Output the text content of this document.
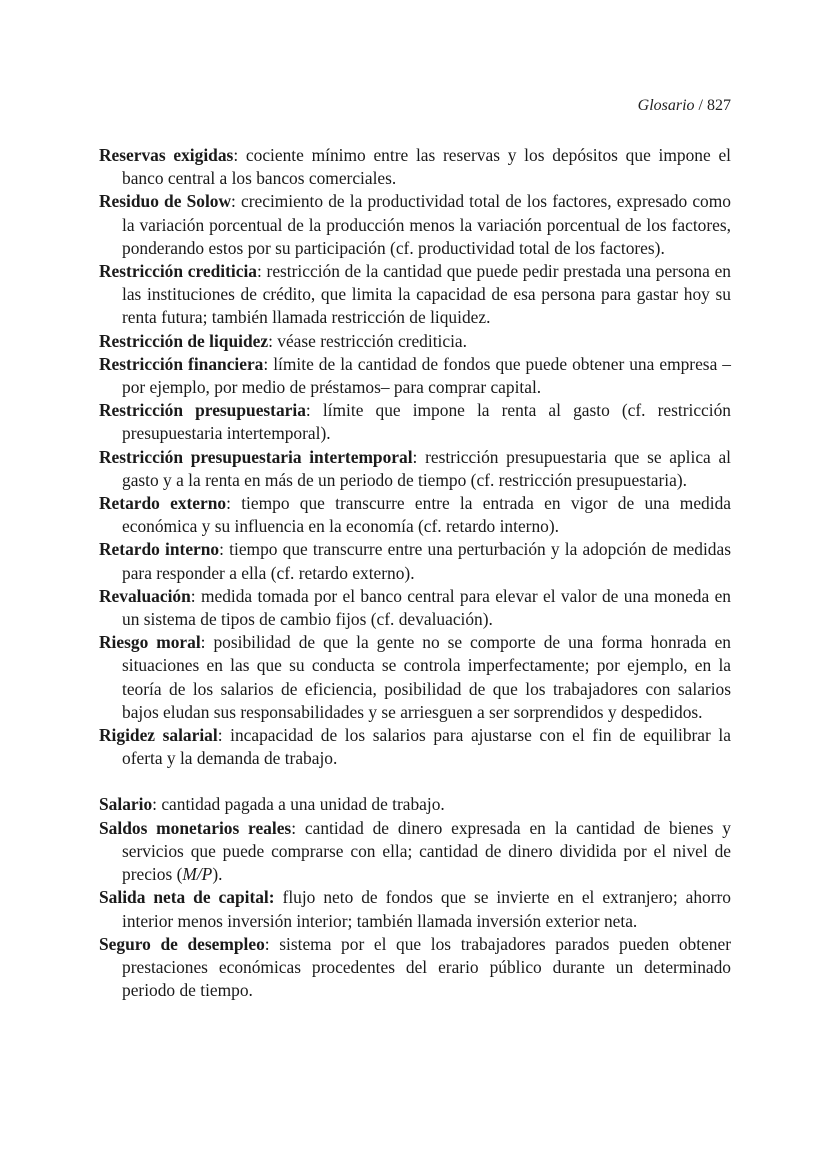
Glosario / 827

Reservas exigidas: cociente mínimo entre las reservas y los depósitos que impone el banco central a los bancos comerciales.

Residuo de Solow: crecimiento de la productividad total de los factores, expresado como la variación porcentual de la producción menos la variación porcentual de los factores, ponderando estos por su participación (cf. productividad total de los factores).

Restricción crediticia: restricción de la cantidad que puede pedir prestada una persona en las instituciones de crédito, que limita la capacidad de esa persona para gastar hoy su renta futura; también llamada restricción de liquidez.

Restricción de liquidez: véase restricción crediticia.

Restricción financiera: límite de la cantidad de fondos que puede obtener una empresa –por ejemplo, por medio de préstamos– para comprar capital.

Restricción presupuestaria: límite que impone la renta al gasto (cf. restricción presupuestaria intertemporal).

Restricción presupuestaria intertemporal: restricción presupuestaria que se aplica al gasto y a la renta en más de un periodo de tiempo (cf. restricción presupuestaria).

Retardo externo: tiempo que transcurre entre la entrada en vigor de una medida económica y su influencia en la economía (cf. retardo interno).

Retardo interno: tiempo que transcurre entre una perturbación y la adopción de medidas para responder a ella (cf. retardo externo).

Revaluación: medida tomada por el banco central para elevar el valor de una moneda en un sistema de tipos de cambio fijos (cf. devaluación).

Riesgo moral: posibilidad de que la gente no se comporte de una forma honrada en situaciones en las que su conducta se controla imperfectamente; por ejemplo, en la teoría de los salarios de eficiencia, posibilidad de que los trabajadores con salarios bajos eludan sus responsabilidades y se arriesguen a ser sorprendidos y despedidos.

Rigidez salarial: incapacidad de los salarios para ajustarse con el fin de equilibrar la oferta y la demanda de trabajo.

Salario: cantidad pagada a una unidad de trabajo.

Saldos monetarios reales: cantidad de dinero expresada en la cantidad de bienes y servicios que puede comprarse con ella; cantidad de dinero dividida por el nivel de precios (M/P).

Salida neta de capital: flujo neto de fondos que se invierte en el extranjero; ahorro interior menos inversión interior; también llamada inversión exterior neta.

Seguro de desempleo: sistema por el que los trabajadores parados pueden obtener prestaciones económicas procedentes del erario público durante un determinado periodo de tiempo.
